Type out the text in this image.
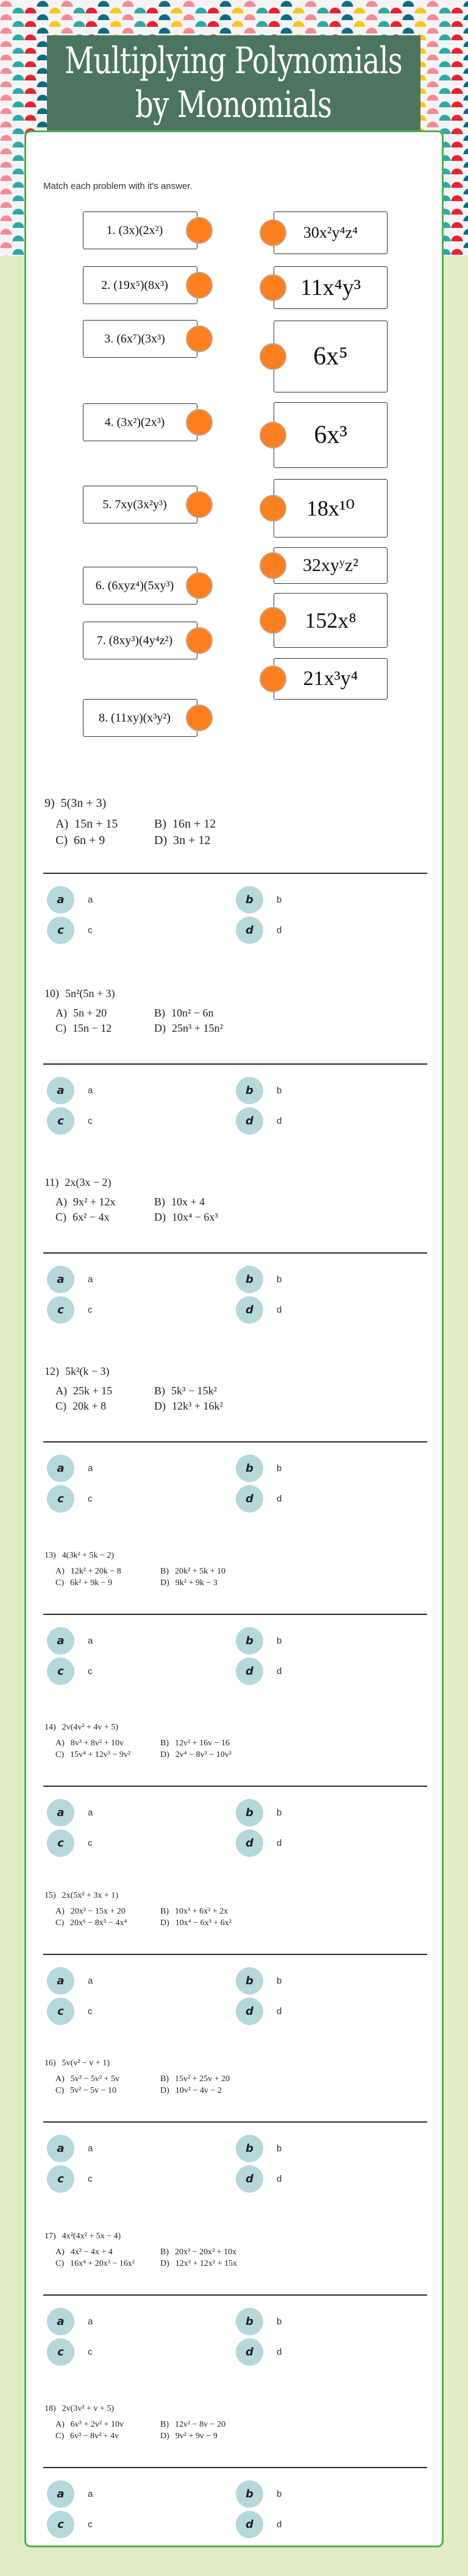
Multiplying Polynomials by Monomials
Match each problem with it's answer.
1. (3x)(2x²)
2. (19x⁵)(8x³)
3. (6x⁷)(3x³)
4. (3x²)(2x³)
5. 7xy(3x²y³)
6. (6xyz⁴)(5xy³)
7. (8xy³)(4y⁴z²)
8. (11xy)(x³y²)
30x²y⁴z⁴
11x⁴y³
6x⁵
6x³
18x¹⁰
32xyʸz²
152x⁸
21x³y⁴
9) 5(3n + 3)
A) 15n + 15	B) 16n + 12
C) 6n + 9	D) 3n + 12
a	a	b	b
c	c	d	d
10) 5n²(5n + 3)
A) 5n + 20	B) 10n² − 6n
C) 15n − 12	D) 25n³ + 15n²
a	a	b	b
c	c	d	d
11) 2x(3x − 2)
A) 9x² + 12x	B) 10x + 4
C) 6x² − 4x	D) 10x⁴ − 6x³
a	a	b	b
c	c	d	d
12) 5k²(k − 3)
A) 25k + 15	B) 5k³ − 15k²
C) 20k + 8	D) 12k³ + 16k²
a	a	b	b
c	c	d	d
13) 4(3k² + 5k − 2)
A) 12k² + 20k − 8	B) 20k² + 5k + 10
C) 6k² + 9k − 9	D) 9k² + 9k − 3
a	a	b	b
c	c	d	d
14) 2v(4v² + 4v + 5)
A) 8v³ + 8v² + 10v	B) 12v² + 16v − 16
C) 15v⁴ + 12v³ − 9v²	D) 2v⁴ − 8v³ − 10v²
a	a	b	b
c	c	d	d
15) 2x(5x² + 3x + 1)
A) 20x² − 15x + 20	B) 10x³ + 6x² + 2x
C) 20x⁶ − 8x⁵ − 4x⁴	D) 10x⁴ − 6x³ + 6x²
a	a	b	b
c	c	d	d
16) 5v(v² − v + 1)
A) 5v³ − 5v² + 5v	B) 15v² + 25v + 20
C) 5v² − 5v − 10	D) 10v² − 4v − 2
a	a	b	b
c	c	d	d
17) 4x²(4x² + 5x − 4)
A) 4x² − 4x + 4	B) 20x³ − 20x² + 10x
C) 16x⁴ + 20x³ − 16x²	D) 12x³ + 12x² + 15x
a	a	b	b
c	c	d	d
18) 2v(3v² + v + 5)
A) 6v³ + 2v² + 10v	B) 12v² − 8v − 20
C) 6v³ − 8v² + 4v	D) 9v² + 9v − 9
a	a	b	b
c	c	d	d
